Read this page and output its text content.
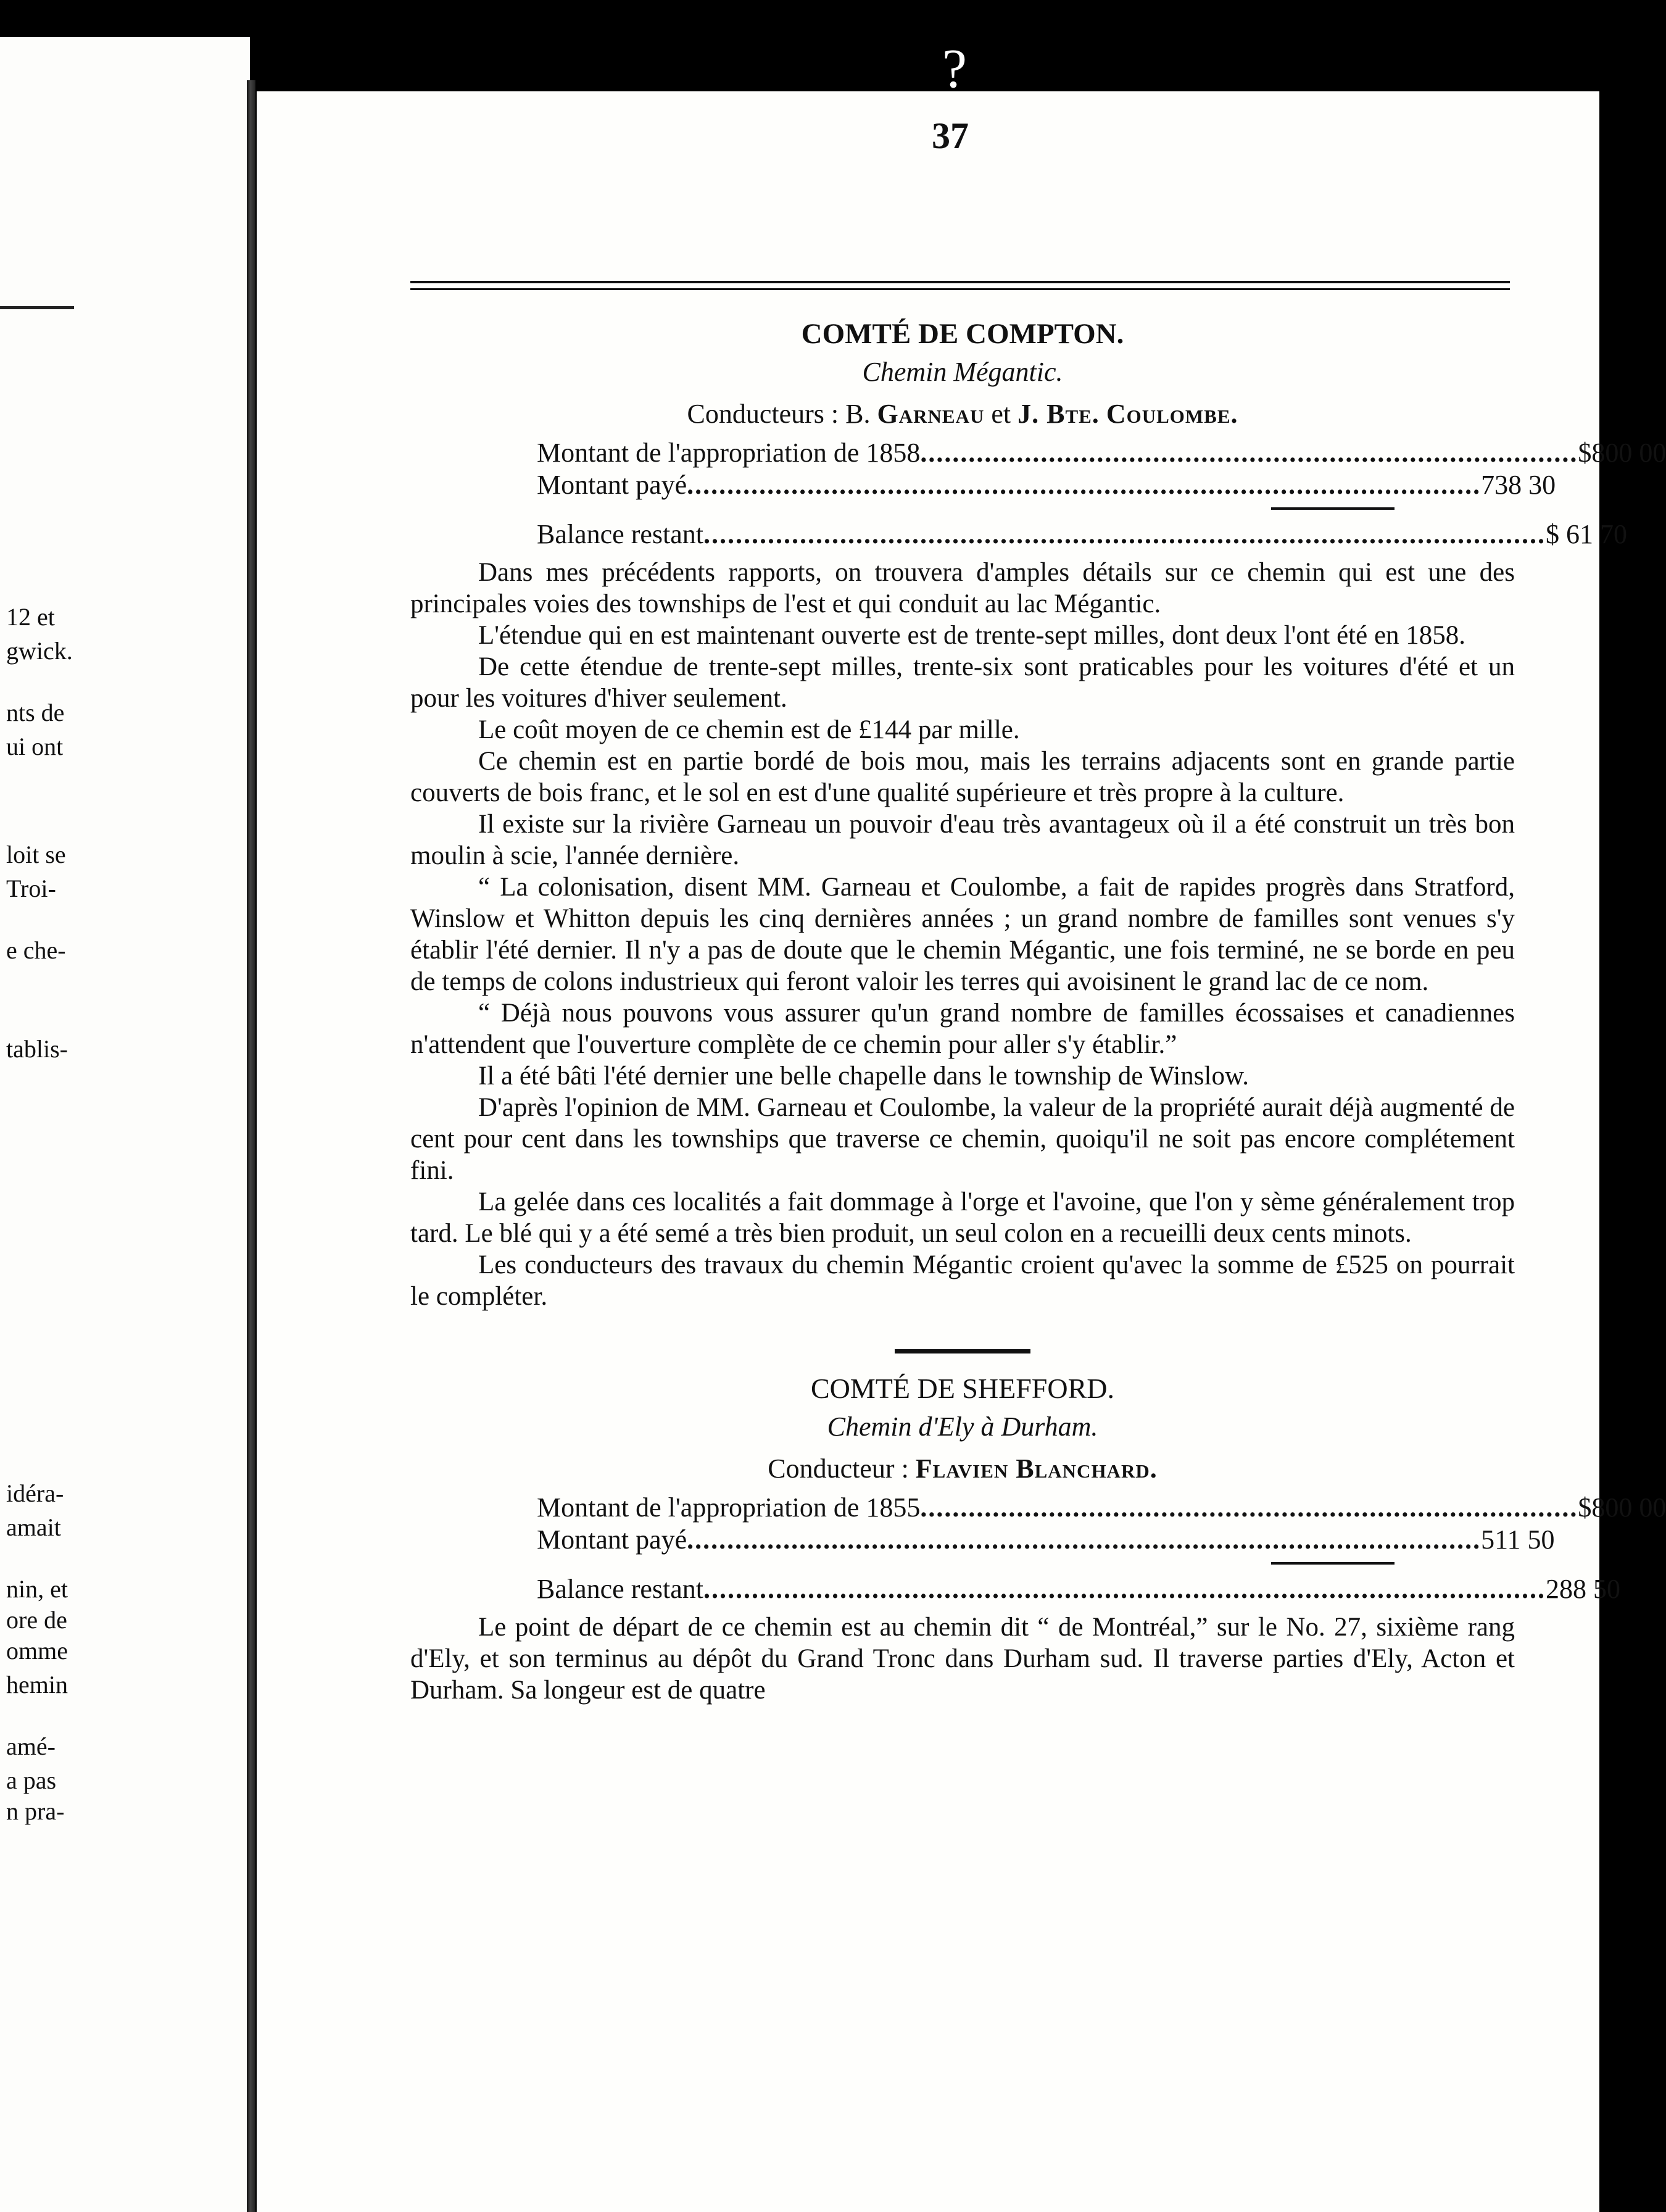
12 et
gwick.
nts de
ui ont
loit se
Troi-
e che-
tablis-
idéra-
amait
nin, et
ore de
omme
hemin
amé-
a pas
n pra-
?
37
COMTÉ DE COMPTON.
Chemin Mégantic.
Conducteurs : B. Garneau et J. Bte. Coulombe.
Montant de l'appropriation de 1858 .................................................................................. $800 00
Montant payé ................................................................................................... 738 30
Balance restant ......................................................................................................... $ 61 70

Dans mes précédents rapports, on trouvera d'amples détails sur ce chemin qui est une des principales voies des townships de l'est et qui conduit au lac Mégantic.

L'étendue qui en est maintenant ouverte est de trente-sept milles, dont deux l'ont été en 1858.

De cette étendue de trente-sept milles, trente-six sont praticables pour les voitures d'été et un pour les voitures d'hiver seulement.

Le coût moyen de ce chemin est de £144 par mille.

Ce chemin est en partie bordé de bois mou, mais les terrains adjacents sont en grande partie couverts de bois franc, et le sol en est d'une qualité supérieure et très propre à la culture.

Il existe sur la rivière Garneau un pouvoir d'eau très avantageux où il a été construit un très bon moulin à scie, l'année dernière.

“ La colonisation, disent MM. Garneau et Coulombe, a fait de rapides progrès dans Stratford, Winslow et Whitton depuis les cinq dernières années ; un grand nombre de familles sont venues s'y établir l'été dernier. Il n'y a pas de doute que le chemin Mégantic, une fois terminé, ne se borde en peu de temps de colons industrieux qui feront valoir les terres qui avoisinent le grand lac de ce nom.

“ Déjà nous pouvons vous assurer qu'un grand nombre de familles écossaises et canadiennes n'attendent que l'ouverture complète de ce chemin pour aller s'y établir.”

Il a été bâti l'été dernier une belle chapelle dans le township de Winslow.

D'après l'opinion de MM. Garneau et Coulombe, la valeur de la propriété aurait déjà augmenté de cent pour cent dans les townships que traverse ce chemin, quoiqu'il ne soit pas encore complétement fini.

La gelée dans ces localités a fait dommage à l'orge et l'avoine, que l'on y sème généralement trop tard. Le blé qui y a été semé a très bien produit, un seul colon en a recueilli deux cents minots.

Les conducteurs des travaux du chemin Mégantic croient qu'avec la somme de £525 on pourrait le compléter.

COMTÉ DE SHEFFORD.
Chemin d'Ely à Durham.
Conducteur : Flavien Blanchard.
Montant de l'appropriation de 1855 .................................................................................. $800 00
Montant payé ................................................................................................... 511 50
Balance restant ......................................................................................................... 288 50

Le point de départ de ce chemin est au chemin dit “ de Montréal,” sur le No. 27, sixième rang d'Ely, et son terminus au dépôt du Grand Tronc dans Durham sud. Il traverse parties d'Ely, Acton et Durham. Sa longeur est de quatre
